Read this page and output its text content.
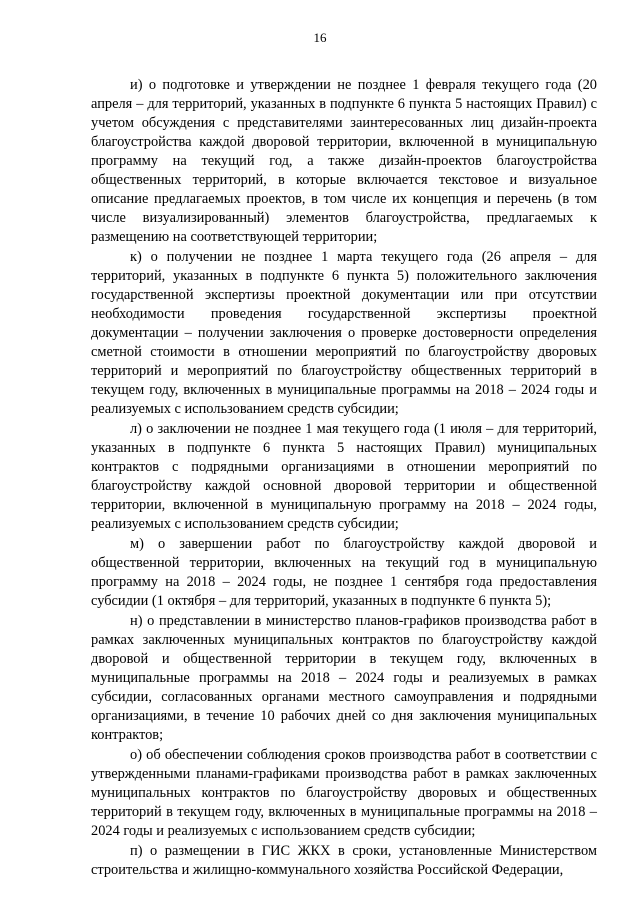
16

и) о подготовке и утверждении не позднее 1 февраля текущего года (20 апреля – для территорий, указанных в подпункте 6 пункта 5 настоящих Правил) с учетом обсуждения с представителями заинтересованных лиц дизайн-проекта благоустройства каждой дворовой территории, включенной в муниципальную программу на текущий год, а также дизайн-проектов благоустройства общественных территорий, в которые включается текстовое и визуальное описание предлагаемых проектов, в том числе их концепция и перечень (в том числе визуализированный) элементов благоустройства, предлагаемых к размещению на соответствующей территории;

к) о получении не позднее 1 марта текущего года (26 апреля – для территорий, указанных в подпункте 6 пункта 5) положительного заключения государственной экспертизы проектной документации или при отсутствии необходимости проведения государственной экспертизы проектной документации – получении заключения о проверке достоверности определения сметной стоимости в отношении мероприятий по благоустройству дворовых территорий и мероприятий по благоустройству общественных территорий в текущем году, включенных в муниципальные программы на 2018 – 2024 годы и реализуемых с использованием средств субсидии;

л) о заключении не позднее 1 мая текущего года (1 июля – для территорий, указанных в подпункте 6 пункта 5 настоящих Правил) муниципальных контрактов с подрядными организациями в отношении мероприятий по благоустройству каждой основной дворовой территории и общественной территории, включенной в муниципальную программу на 2018 – 2024 годы, реализуемых с использованием средств субсидии;

м) о завершении работ по благоустройству каждой дворовой и общественной территории, включенных на текущий год в муниципальную программу на 2018 – 2024 годы, не позднее 1 сентября года предоставления субсидии (1 октября – для территорий, указанных в подпункте 6 пункта 5);

н) о представлении в министерство планов-графиков производства работ в рамках заключенных муниципальных контрактов по благоустройству каждой дворовой и общественной территории в текущем году, включенных в муниципальные программы на 2018 – 2024 годы и реализуемых в рамках субсидии, согласованных органами местного самоуправления и подрядными организациями, в течение 10 рабочих дней со дня заключения муниципальных контрактов;

о) об обеспечении соблюдения сроков производства работ в соответствии с утвержденными планами-графиками производства работ в рамках заключенных муниципальных контрактов по благоустройству дворовых и общественных территорий в текущем году, включенных в муниципальные программы на 2018 – 2024 годы и реализуемых с использованием средств субсидии;

п) о размещении в ГИС ЖКХ в сроки, установленные Министерством строительства и жилищно-коммунального хозяйства Российской Федерации,
